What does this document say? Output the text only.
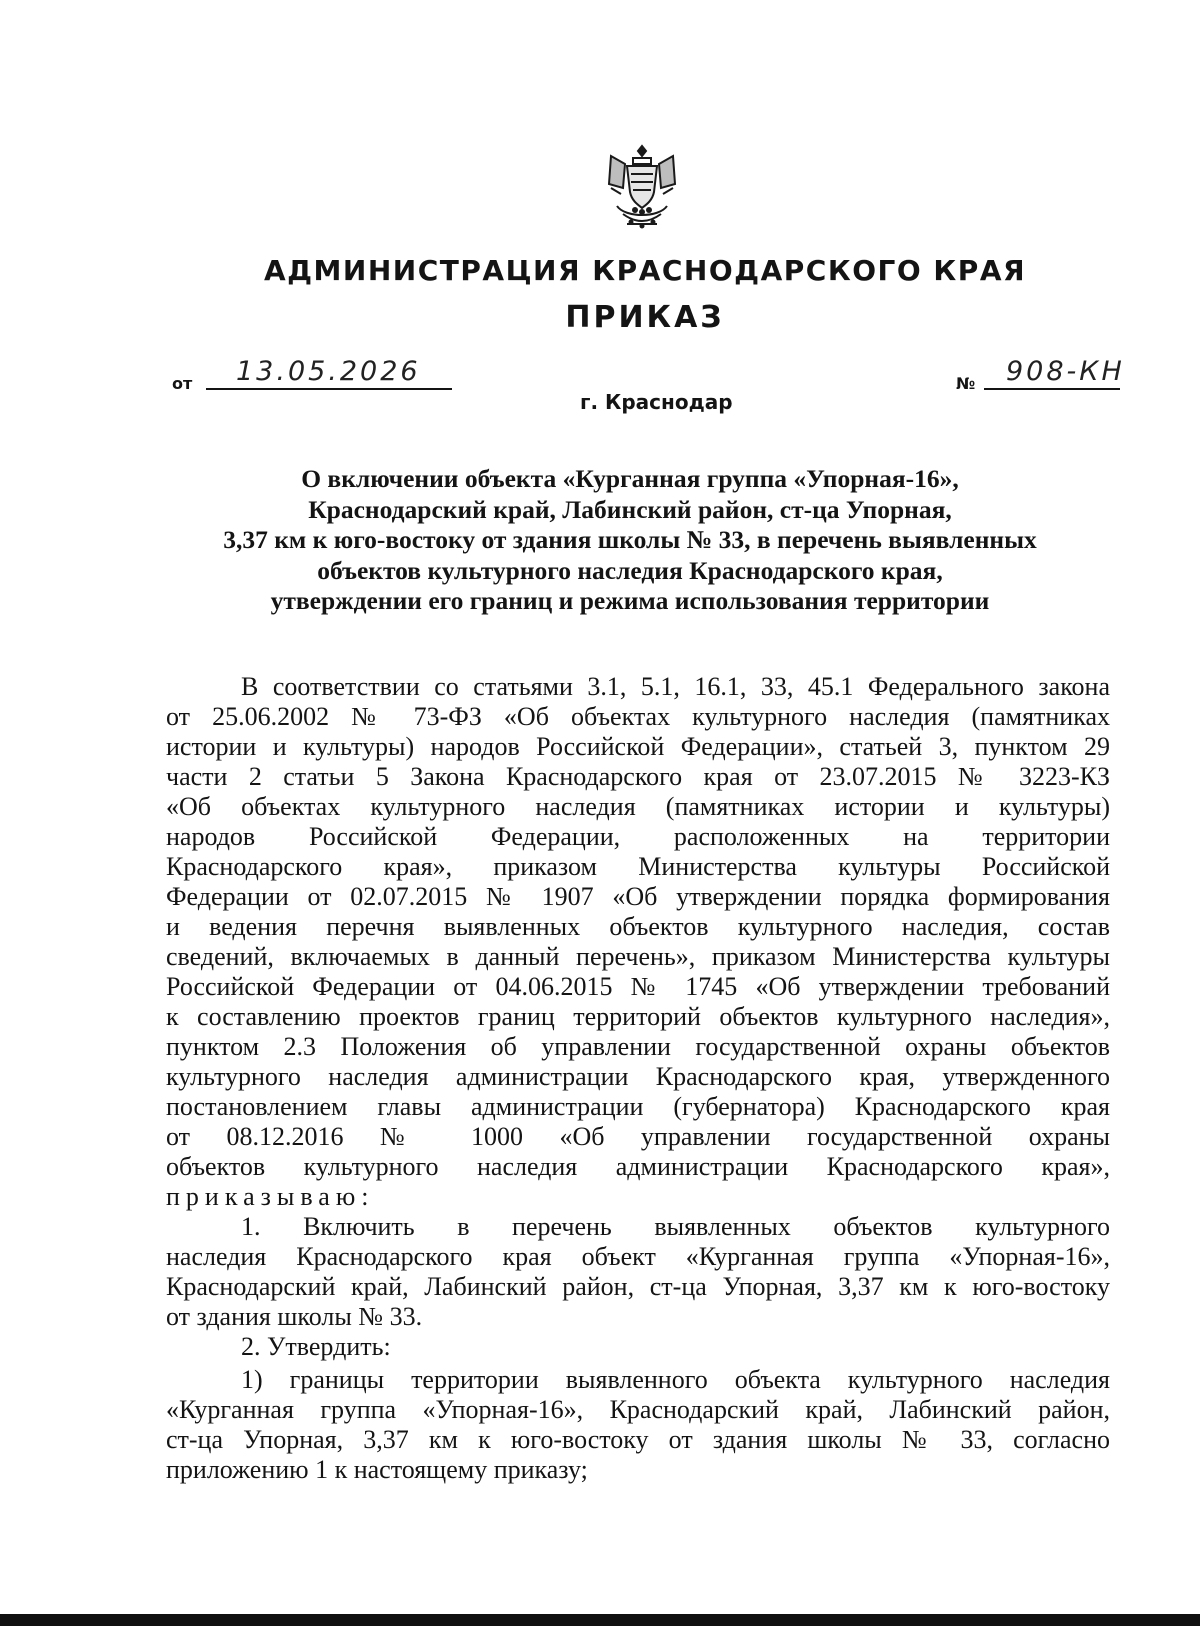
АДМИНИСТРАЦИЯ КРАСНОДАРСКОГО КРАЯ
ПРИКАЗ
от 13.05.2026	№ 908-КН
г. Краснодар
О включении объекта «Курганная группа «Упорная-16»,
Краснодарский край, Лабинский район, ст-ца Упорная,
3,37 км к юго-востоку от здания школы № 33, в перечень выявленных
объектов культурного наследия Краснодарского края,
утверждении его границ и режима использования территории
В соответствии со статьями 3.1, 5.1, 16.1, 33, 45.1 Федерального закона
от 25.06.2002 № 73-ФЗ «Об объектах культурного наследия (памятниках
истории и культуры) народов Российской Федерации», статьей 3, пунктом 29
части 2 статьи 5 Закона Краснодарского края от 23.07.2015 № 3223-КЗ
«Об объектах культурного наследия (памятниках истории и культуры)
народов Российской Федерации, расположенных на территории
Краснодарского края», приказом Министерства культуры Российской
Федерации от 02.07.2015 № 1907 «Об утверждении порядка формирования
и ведения перечня выявленных объектов культурного наследия, состав
сведений, включаемых в данный перечень», приказом Министерства культуры
Российской Федерации от 04.06.2015 № 1745 «Об утверждении требований
к составлению проектов границ территорий объектов культурного наследия»,
пунктом 2.3 Положения об управлении государственной охраны объектов
культурного наследия администрации Краснодарского края, утвержденного
постановлением главы администрации (губернатора) Краснодарского края
от 08.12.2016 № 1000 «Об управлении государственной охраны
объектов культурного наследия администрации Краснодарского края»,
приказываю:
1. Включить в перечень выявленных объектов культурного
наследия Краснодарского края объект «Курганная группа «Упорная-16»,
Краснодарский край, Лабинский район, ст-ца Упорная, 3,37 км к юго-востоку
от здания школы № 33.
2. Утвердить:
1) границы территории выявленного объекта культурного наследия
«Курганная группа «Упорная-16», Краснодарский край, Лабинский район,
ст-ца Упорная, 3,37 км к юго-востоку от здания школы № 33, согласно
приложению 1 к настоящему приказу;
